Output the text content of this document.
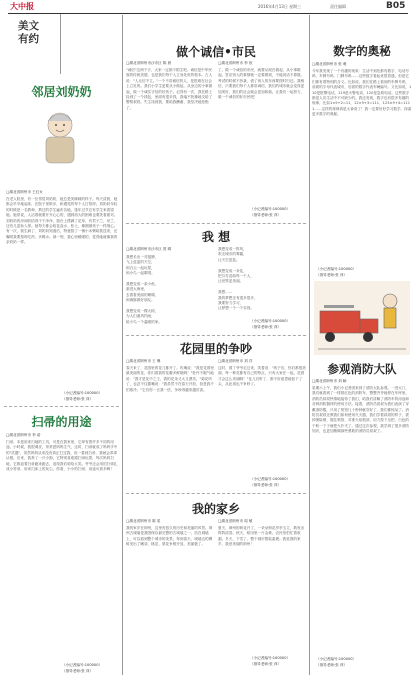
大中报	2016年4月13日 星期三	责任编辑	B05
美文有约
邻居刘奶奶
□湖北省荆州市 王红女
在老人院里，有一位邻居刘奶奶，她总是笑眯眯的样子。每天清晨，她都会早早地起床，在院子里散步，和遇见的每个人打招呼。刘奶奶年轻的时候是一名教师，教过的学生遍布各地，逢年过节总有学生来看望她。她常说，人活着就要开开心心的，遇到再大的困难也要笑着面对。刘奶奶的房间收拾得干干净净，窗台上摆满了花草，有君子兰、吊兰，还有几盆仙人掌。她每天都会给花浇水、松土，像照顾孩子一样细心。有一次，我生病了，刘奶奶知道后，特意熬了一锅小米粥给我送来，还嘱咐我要按时吃药、多喝水。那一刻，我心里暖暖的，觉得她就像我的亲奶奶一样。
（小记者编号:100000）
（指导老师:张 萍）
扫帚的用途
□湖北省荆州市 李 诺
扫帚，本是用来扫地的工具，可是在我家里，它却有着许多不同的用途。小时候，我很调皮，常常惹妈妈生气，这时，扫帚就成了妈妈手中的"武器"，虽然妈妈从来没有真正打过我，但一看到扫帚，我就会乖乖认错。后来，我养了一只小狗，它特别喜欢跟扫帚玩耍，每次妈妈扫地，它都追着扫帚跑来跑去，逗得我们哈哈大笑。爷爷还会用旧扫帚扎成小笤帚，用来扫床上的灰尘。你看，小小的扫帚，用途可真多啊！
（小记者编号:100000）
（指导老师:张 萍）
做个诚信•市民
□湖北省荆州市沙市区 陈 晨	□湖北省荆州市 李 欣
"诚信"这两个字，大家一定都不陌生吧。诚信是中华民族的传统美德，也是我们每个人立身处世的根本。古人说："人无信不立。"一个不讲诚信的人，是很难在社会上立足的。我们小学生更要从小做起，从身边的小事做起，做一个诚实守信的好孩子。记得有一次，我在路上捡到了一个钱包，里面有很多钱，我毫不犹豫地交给了警察叔叔。失主找到我，要给我酬谢，我坚决地拒绝了。
了。做一个诚信的市民，就要从现在做起，从小事做起。答应别人的事情就一定要做到，不能说话不算数。考试的时候不抄袭，借了别人的东西要按时归还。我相信，只要我们每个人都讲诚信，我们的城市就会变得更加美好，我们的社会就会更加和谐。让我们一起努力，做一个诚信的好市民吧！
（小记者编号:100000）
（指导老师:张 萍）
我 想
□湖北省荆州市沙市区 曾 晴
我想长出一对翅膀，
飞上蓝蓝的天空，
和白云一起玩耍，
和小鸟一起歌唱。

我想变成一条小鱼，
游进大海里，
去看看美丽的珊瑚，
和海豚做好朋友。

我想变成一棵大树，
为人们遮风挡雨，
给小鸟一个温暖的家。
我想变成一阵风，
吹走城市的雾霾，
让天空更蓝。

我想变成一朵花，
把芬芳送给每一个人，
让世界更美丽。

我想……
我的梦想还有很多很多，
我要努力学习，
让梦想一个一个实现。
（小记者编号:100000）
（指导老师:张 萍）
花园里的争吵
□湖北省荆州市 王 琳	□湖北省荆州市 刘 洋
春天来了，花园里的花儿都开了。玫瑰说："我是花园里最美丽的花，你们看我的花瓣多鲜艳啊！"牡丹不服气地说："我才是花中之王，我的花朵又大又漂亮。"菊花听了，也忍不住插嘴说："我虽然不在春天开放，但是我不怕寒冷。"它们你一言我一语，争吵得越来越厉害。
这时，园丁爷爷走过来，笑着说："孩子们，你们都很美丽，每一种花都有自己的特点，只有大家在一起，花园才会这么美丽啊！"花儿们听了，都不好意思地低下了头，从此再也不争吵了。
（小记者编号:100000）
（指导老师:张 萍）
我的家乡
□湖北省荆州市 陈 星	□湖北省荆州市 周 敏
我的家乡在荆州，这里有悠久的历史和美丽的风景。荆州古城墙是我国保存最完整的古城墙之一，站在城墙上，可以看到整个城市的美景。每到春天，城墙边的柳树发出了嫩芽，桃花、梨花争相开放，美丽极了。
夏天，荆州的荷花开了，一朵朵荷花亭亭玉立，散发出阵阵清香。秋天，稻田里一片金黄，农民伯伯忙着收割。冬天，下雪了，整个城市银装素裹。我爱我的家乡，我爱美丽的荆州！
（小记者编号:100000）
（指导老师:张 萍）
数字的奥秘
□湖北省荆州市 张 萌
今年我发现了一个有趣的现象：生活中到处都有数字，电话号码、车牌号码、门牌号码……这些数字看起来很普通，但是它们都有着特别的含义。比如说，我们在路上看到的车牌号码，前面的字母代表城市，后面的数字代表车辆编号。又比如说，110是报警电话，119是火警电话，120是急救电话。这些数字都是人们生活中不可缺少的。我还发现，数字也有很多有趣的规律，比如1×9+2=11，12×9+3=111，123×9+4=1111……这样的规律真是太神奇了！我一定要好好学习数学，探索更多数字的奥秘。
（小记者编号:100000）
（指导老师:张 萍）
参观消防大队
□湖北省荆州市 刘 畅
星期六上午，我们小记者团来到了消防大队参观。一进大门，我们就看到了一排排红色的消防车，整整齐齐地停在车库里。消防员叔叔热情地接待了我们，给我们讲解了消防车的用途和各种消防器材的使用方法。接着，消防员叔叔为我们表演了穿戴消防服，只用了短短几十秒钟就穿好了，我们都惊呆了。消防员叔叔还教我们如何使用灭火器，我们学着叔叔的样子，拔掉保险销，握住喷管，对准火焰根部，用力按下压把，白色的干粉一下子就把火扑灭了。通过这次参观，我学到了很多消防知识，也更加敬佩那些勇敢的消防员叔叔了。
（小记者编号:100000）
（指导老师:张 萍）
